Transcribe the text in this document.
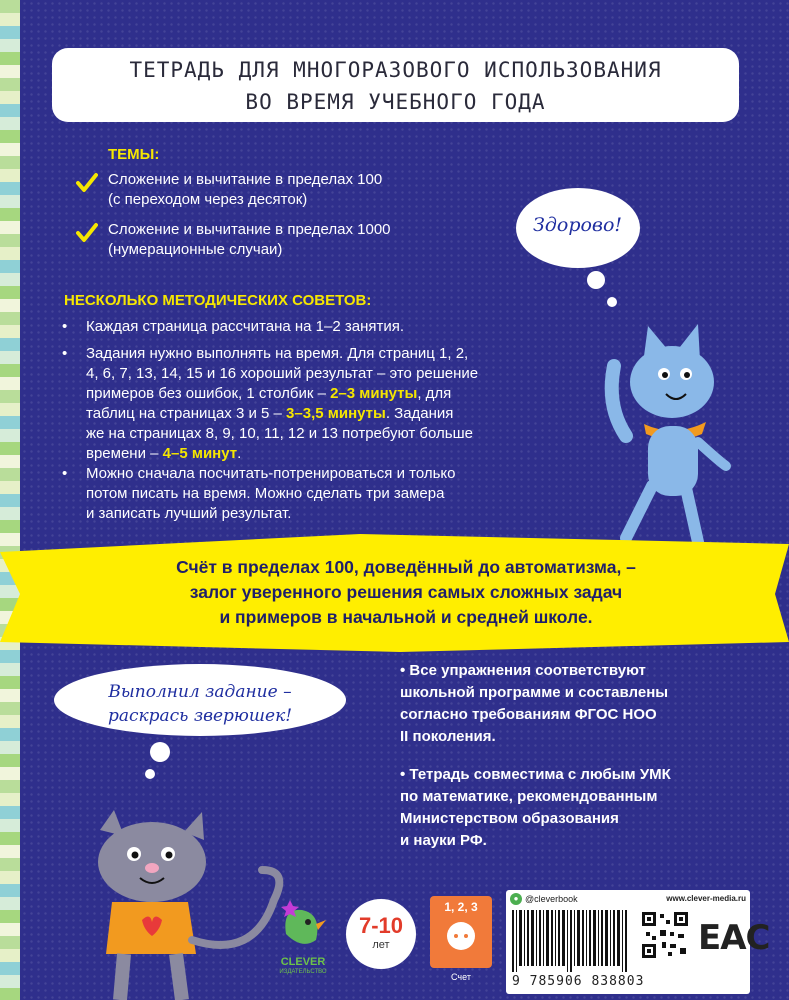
ТЕТРАДЬ ДЛЯ МНОГОРАЗОВОГО ИСПОЛЬЗОВАНИЯ
ВО ВРЕМЯ УЧЕБНОГО ГОДА
ТЕМЫ:
Сложение и вычитание в пределах 100
(с переходом через десяток)
Сложение и вычитание в пределах 1000
(нумерационные случаи)
Здорово!
НЕСКОЛЬКО МЕТОДИЧЕСКИХ СОВЕТОВ:
• Каждая страница рассчитана на 1–2 занятия.
• Задания нужно выполнять на время. Для страниц 1, 2,
4, 6, 7, 13, 14, 15 и 16 хороший результат – это решение
примеров без ошибок, 1 столбик – 2–3 минуты, для
таблиц на страницах 3 и 5 – 3–3,5 минуты. Задания
же на страницах 8, 9, 10, 11, 12 и 13 потребуют больше
времени – 4–5 минут.
• Можно сначала посчитать-потренироваться и только
потом писать на время. Можно сделать три замера
и записать лучший результат.
Счёт в пределах 100, доведённый до автоматизма, –
залог уверенного решения самых сложных задач
и примеров в начальной и средней школе.
Выполнил задание –
раскрась зверюшек!
• Все упражнения соответствуют
школьной программе и составлены
согласно требованиям ФГОС НОО
II поколения.
• Тетрадь совместима с любым УМК
по математике, рекомендованным
Министерством образования
и науки РФ.
CLEVER
ИЗДАТЕЛЬСТВО
7-10
лет
1, 2, 3
Счет
● @cleverbook	www.clever-media.ru
9 785906 838803
EAC
